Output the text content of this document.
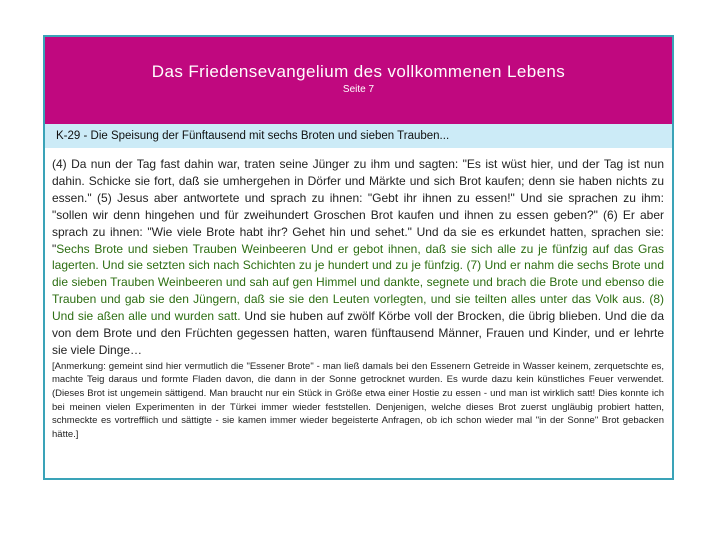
Das Friedensevangelium des vollkommenen Lebens
Seite 7
K-29 - Die Speisung der Fünftausend mit sechs Broten und sieben Trauben...
(4) Da nun der Tag fast dahin war, traten seine Jünger zu ihm und sagten: "Es ist wüst hier, und der Tag ist nun dahin. Schicke sie fort, daß sie umhergehen in Dörfer und Märkte und sich Brot kaufen; denn sie haben nichts zu essen." (5) Jesus aber antwortete und sprach zu ihnen: "Gebt ihr ihnen zu essen!" Und sie sprachen zu ihm: "sollen wir denn hingehen und für zweihundert Groschen Brot kaufen und ihnen zu essen geben?" (6) Er aber sprach zu ihnen: "Wie viele Brote habt ihr? Gehet hin und sehet." Und da sie es erkundet hatten, sprachen sie: "Sechs Brote und sieben Trauben Weinbeeren Und er gebot ihnen, daß sie sich alle zu je fünfzig auf das Gras lagerten. Und sie setzten sich nach Schichten zu je hundert und zu je fünfzig. (7) Und er nahm die sechs Brote und die sieben Trauben Weinbeeren und sah auf gen Himmel und dankte, segnete und brach die Brote und ebenso die Trauben und gab sie den Jüngern, daß sie sie den Leuten vorlegten, und sie teilten alles unter das Volk aus. (8) Und sie aßen alle und wurden satt. Und sie huben auf zwölf Körbe voll der Brocken, die übrig blieben. Und die da von dem Brote und den Früchten gegessen hatten, waren fünftausend Männer, Frauen und Kinder, und er lehrte sie viele Dinge…
[Anmerkung: gemeint sind hier vermutlich die "Essener Brote" - man ließ damals bei den Essenern Getreide in Wasser keinem, zerquetschte es, machte Teig daraus und formte Fladen davon, die dann in der Sonne getrocknet wurden. Es wurde dazu kein künstliches Feuer verwendet. (Dieses Brot ist ungemein sättigend. Man braucht nur ein Stück in Größe etwa einer Hostie zu essen - und man ist wirklich satt! Dies konnte ich bei meinen vielen Experimenten in der Türkei immer wieder feststellen. Denjenigen, welche dieses Brot zuerst ungläubig probiert hatten, schmeckte es vortrefflich und sättigte - sie kamen immer wieder begeisterte Anfragen, ob ich schon wieder mal "in der Sonne" Brot gebacken hätte.]
